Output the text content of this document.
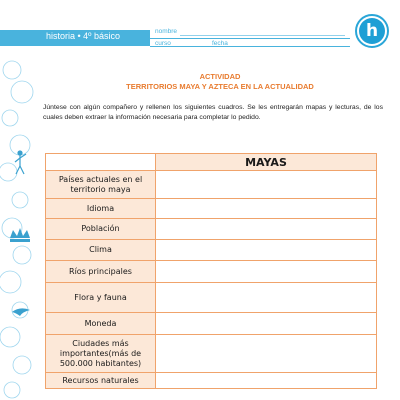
historia • 4º básico	nombre
curso	fecha
h
ACTIVIDAD
TERRITORIOS MAYA Y AZTECA EN LA ACTUALIDAD
Júntese con algún compañero y rellenen los siguientes cuadros. Se les entregarán mapas y lecturas, de los cuales deben extraer la información necesaria para completar lo pedido.
	MAYAS
Países actuales en el territorio maya	
Idioma	
Población	
Clima	
Ríos principales	
Flora y fauna	
Moneda	
Ciudades más importantes(más de 500.000 habitantes)	
Recursos naturales	
